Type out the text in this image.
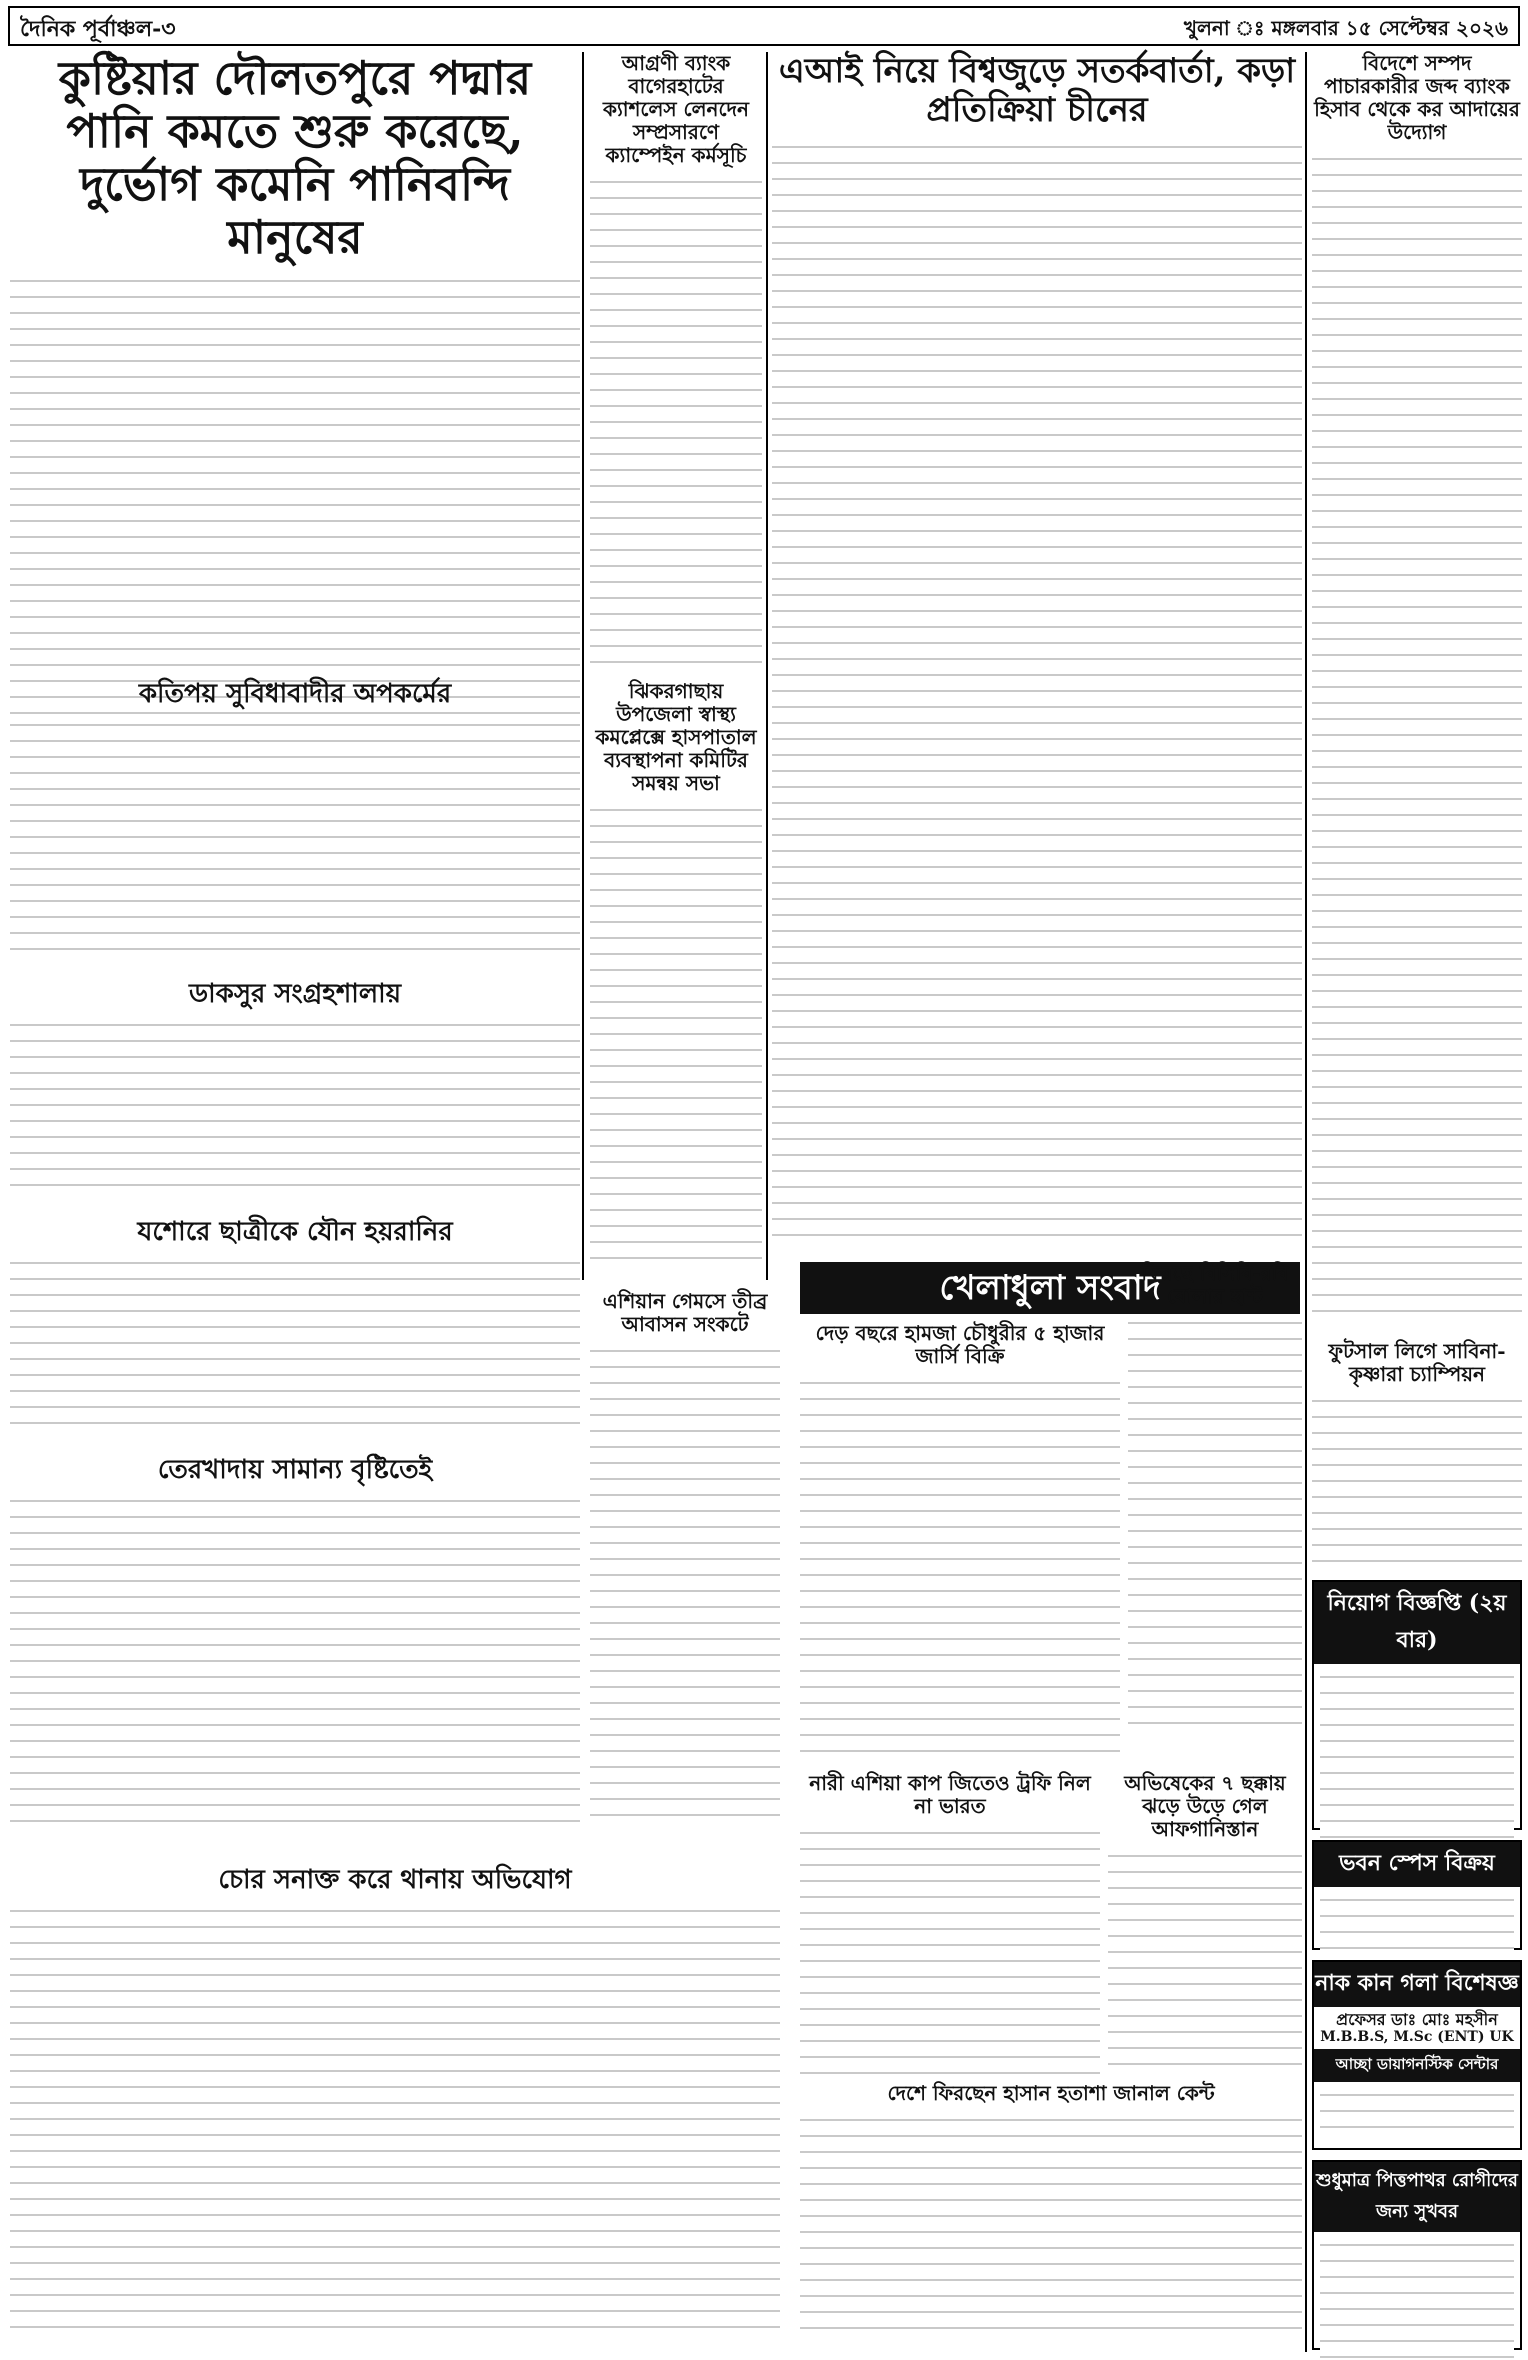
দৈনিক পূর্বাঞ্চল-৩	খুলনা ঃ মঙ্গলবার ১৫ সেপ্টেম্বর ২০২৬
কুষ্টিয়ার দৌলতপুরে পদ্মার পানি কমতে শুরু করেছে, দুর্ভোগ কমেনি পানিবন্দি মানুষের
আগ্রণী ব্যাংক বাগেরহাটের ক্যাশলেস লেনদেন সম্প্রসারণে ক্যাম্পেইন কর্মসূচি
এআই নিয়ে বিশ্বজুড়ে সতর্কবার্তা, কড়া প্রতিক্রিয়া চীনের
বিদেশে সম্পদ পাচারকারীর জব্দ ব্যাংক হিসাব থেকে কর আদায়ের উদ্যোগ
কতিপয় সুবিধাবাদীর অপকর্মের
ডাকসুর সংগ্রহশালায়
যশোরে ছাত্রীকে যৌন হয়রানির
তেরখাদায় সামান্য বৃষ্টিতেই
চোর সনাক্ত করে থানায় অভিযোগ
ঝিকরগাছায় উপজেলা স্বাস্থ্য কমপ্লেক্সে হাসপাতাল ব্যবস্থাপনা কমিটির সমন্বয় সভা
এশিয়ান গেমসে তীব্র আবাসন সংকটে
খেলাধুলা সংবাদ
দেড় বছরে হামজা চৌধুরীর ৫ হাজার জার্সি বিক্রি
ফিরছে বিসিবি-রবি বোলার হান্ট
নারী এশিয়া কাপ জিতেও ট্রফি নিল না ভারত
অভিষেকের ৭ ছক্কায় ঝড়ে উড়ে গেল আফগানিস্তান
দেশে ফিরছেন হাসান হতাশা জানাল কেন্ট
ফুটসাল লিগে সাবিনা-কৃষ্ণারা চ্যাম্পিয়ন
নিয়োগ বিজ্ঞপ্তি (২য় বার)
ভবন স্পেস বিক্রয়
নাক কান গলা বিশেষজ্ঞ
প্রফেসর ডাঃ মোঃ মহসীন
M.B.B.S, M.Sc (ENT) UK
আচ্ছা ডায়াগনস্টিক সেন্টার
শুধুমাত্র পিত্তপাথর রোগীদের জন্য সুখবর
